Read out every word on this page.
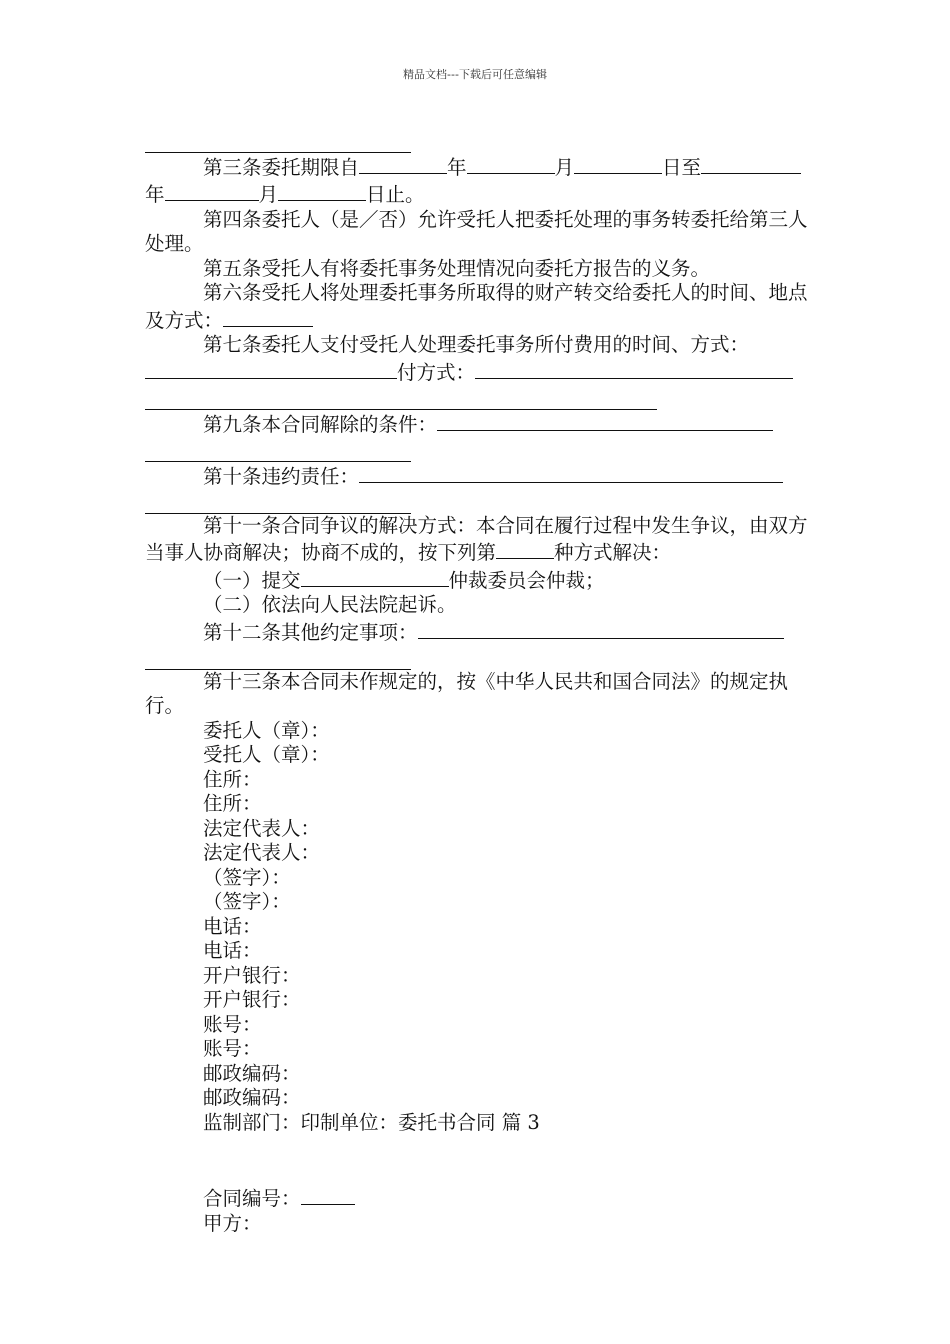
精品文档---下载后可任意编辑

第三条委托期限自	年	月	日至年	月	日止。

第四条委托人（是／否）允许受托人把委托处理的事务转委托给第三人处理。

第五条受托人有将委托事务处理情况向委托方报告的义务。

第六条受托人将处理委托事务所取得的财产转交给委托人的时间、地点及方式：

第七条委托人支付受托人处理委托事务所付费用的时间、方式：付方式：

第九条本合同解除的条件：

第十条违约责任：

第十一条合同争议的解决方式：本合同在履行过程中发生争议，由双方当事人协商解决；协商不成的，按下列第	种方式解决：

（一）提交	仲裁委员会仲裁；

（二）依法向人民法院起诉。

第十二条其他约定事项：

第十三条本合同未作规定的，按《中华人民共和国合同法》的规定执行。

委托人（章）：

受托人（章）：

住所：

住所：

法定代表人：

法定代表人：

（签字）：

（签字）：

电话：

电话：

开户银行：

开户银行：

账号：

账号：

邮政编码：

邮政编码：

监制部门：印制单位：委托书合同 篇 3

合同编号：

甲方：
